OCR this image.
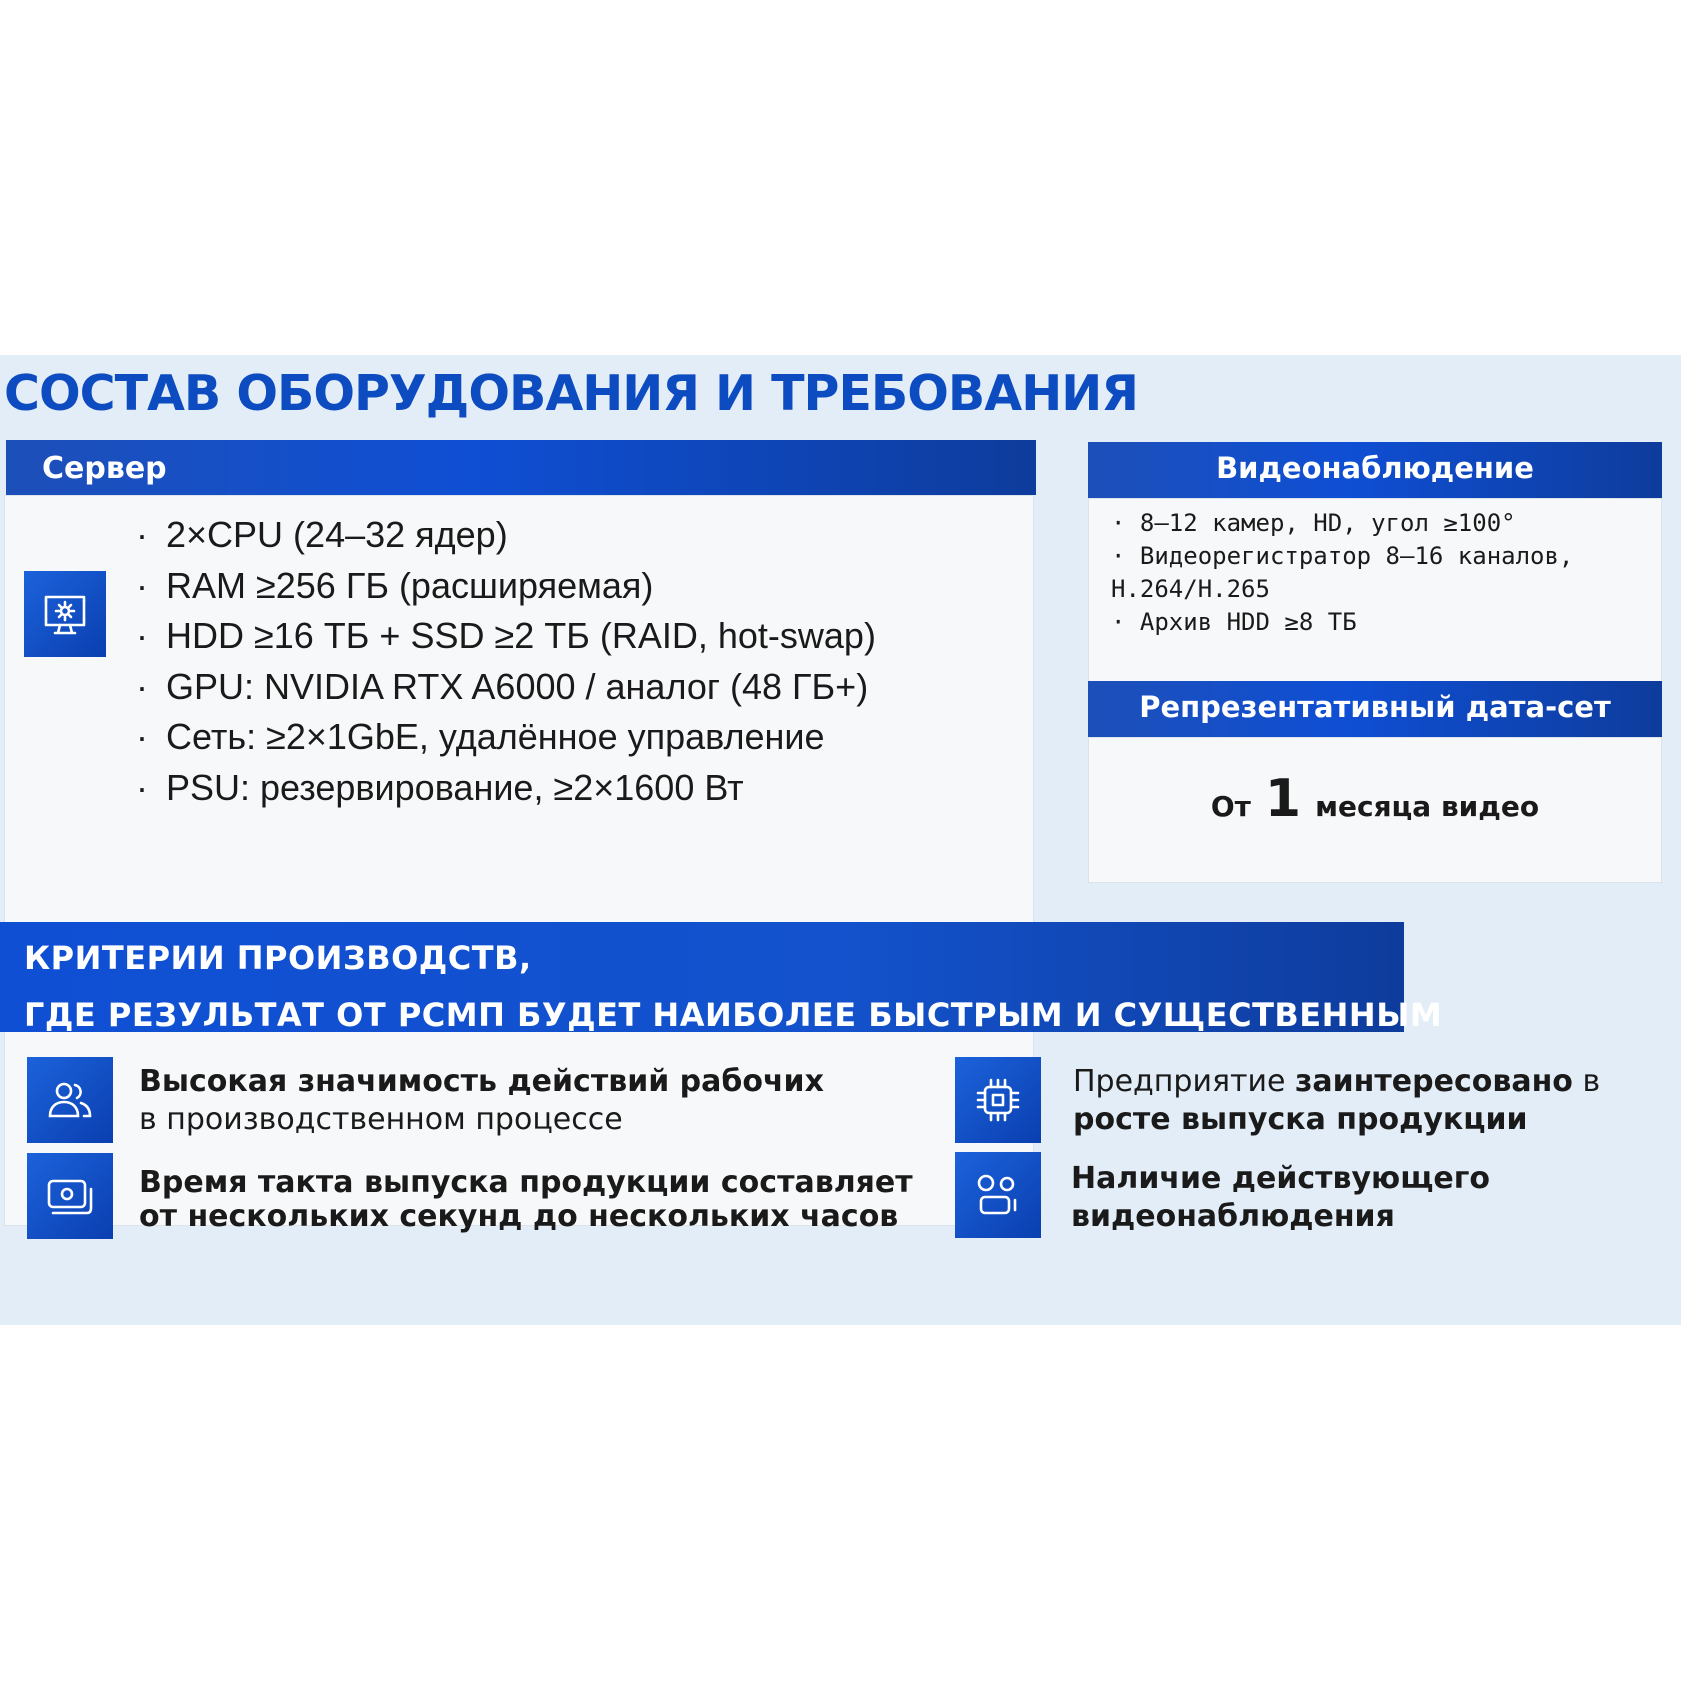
СОСТАВ ОБОРУДОВАНИЯ И ТРЕБОВАНИЯ
Сервер
· 2×CPU (24–32 ядер)
· RAM ≥256 ГБ (расширяемая)
· HDD ≥16 ТБ + SSD ≥2 ТБ (RAID, hot-swap)
· GPU: NVIDIA RTX A6000 / аналог (48 ГБ+)
· Сеть: ≥2×1GbE, удалённое управление
· PSU: резервирование, ≥2×1600 Вт
Видеонаблюдение
· 8–12 камер, HD, угол ≥100°
· Видеорегистратор 8–16 каналов, H.264/H.265
· Архив HDD ≥8 ТБ
Репрезентативный дата-сет
От 1 месяца видео
КРИТЕРИИ ПРОИЗВОДСТВ,
ГДЕ РЕЗУЛЬТАТ ОТ РСМП БУДЕТ НАИБОЛЕЕ БЫСТРЫМ И СУЩЕСТВЕННЫМ
Высокая значимость действий рабочих
в производственном процессе
Время такта выпуска продукции составляет
от нескольких секунд до нескольких часов
Предприятие заинтересовано в
росте выпуска продукции
Наличие действующего
видеонаблюдения
